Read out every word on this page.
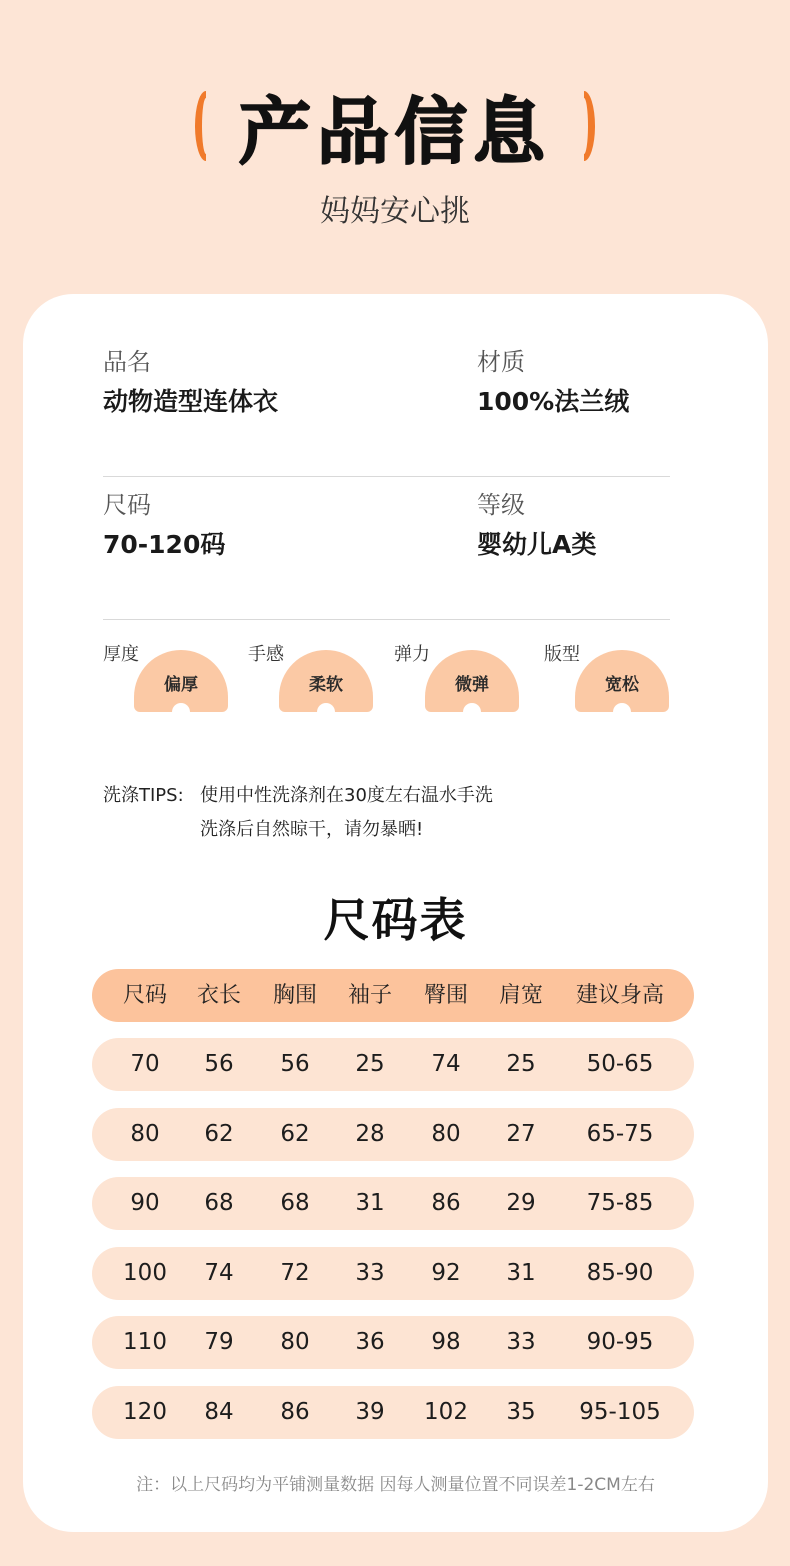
产品信息
妈妈安心挑
品名
动物造型连体衣
材质
100%法兰绒
尺码
70-120码
等级
婴幼儿A类
厚度
偏厚
手感
柔软
弹力
微弹
版型
宽松
洗涤TIPS: 使用中性洗涤剂在30度左右温水手洗
洗涤后自然晾干，请勿暴晒!
尺码表
尺码	衣长	胸围	袖子	臀围	肩宽	建议身高
70	56	56	25	74	25	50-65
80	62	62	28	80	27	65-75
90	68	68	31	86	29	75-85
100	74	72	33	92	31	85-90
110	79	80	36	98	33	90-95
120	84	86	39	102	35	95-105
注：以上尺码均为平铺测量数据 因每人测量位置不同误差1-2CM左右
